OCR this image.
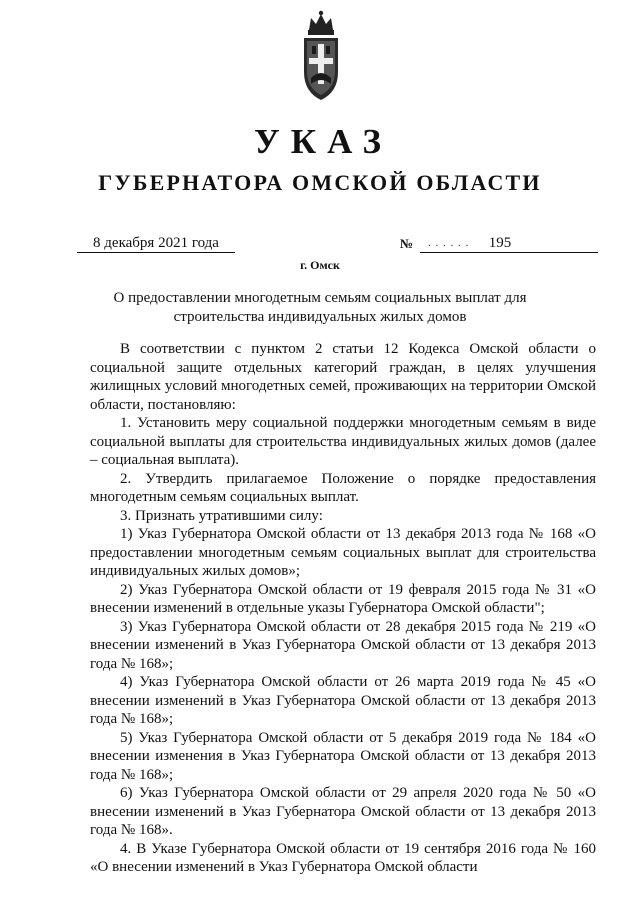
УКАЗ
ГУБЕРНАТОРА ОМСКОЙ ОБЛАСТИ
8 декабря 2021 года	№ . . . . . .	195
г. Омск
О предоставлении многодетным семьям социальных выплат для
строительства индивидуальных жилых домов

В соответствии с пунктом 2 статьи 12 Кодекса Омской области о социальной защите отдельных категорий граждан, в целях улучшения жилищных условий многодетных семей, проживающих на территории Омской области, постановляю:

1. Установить меру социальной поддержки многодетным семьям в виде социальной выплаты для строительства индивидуальных жилых домов (далее – социальная выплата).

2. Утвердить прилагаемое Положение о порядке предоставления многодетным семьям социальных выплат.

3. Признать утратившими силу:

1) Указ Губернатора Омской области от 13 декабря 2013 года № 168 «О предоставлении многодетным семьям социальных выплат для строительства индивидуальных жилых домов»;

2) Указ Губернатора Омской области от 19 февраля 2015 года № 31 «О внесении изменений в отдельные указы Губернатора Омской области";

3) Указ Губернатора Омской области от 28 декабря 2015 года № 219 «О внесении изменений в Указ Губернатора Омской области от 13 декабря 2013 года № 168»;

4) Указ Губернатора Омской области от 26 марта 2019 года № 45 «О внесении изменений в Указ Губернатора Омской области от 13 декабря 2013 года № 168»;

5) Указ Губернатора Омской области от 5 декабря 2019 года № 184 «О внесении изменения в Указ Губернатора Омской области от 13 декабря 2013 года № 168»;

6) Указ Губернатора Омской области от 29 апреля 2020 года № 50 «О внесении изменений в Указ Губернатора Омской области от 13 декабря 2013 года № 168».

4. В Указе Губернатора Омской области от 19 сентября 2016 года № 160 «О внесении изменений в Указ Губернатора Омской области
